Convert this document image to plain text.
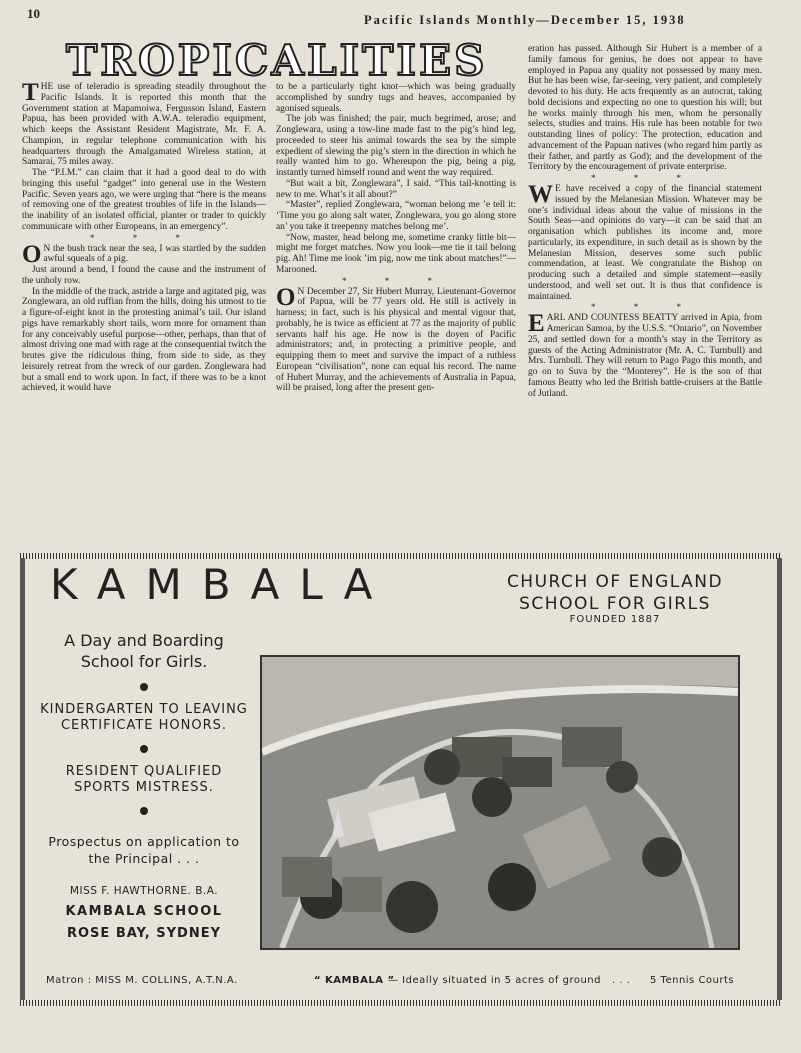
10	Pacific Islands Monthly—December 15, 1938
TROPICALITIES

THE use of teleradio is spreading steadily throughout the Pacific Islands. It is reported this month that the Government station at Mapamoiwa, Fergusson Island, Eastern Papua, has been provided with A.W.A. teleradio equipment, which keeps the Assistant Resident Magistrate, Mr. F. A. Champion, in regular telephone communication with his headquarters through the Amalgamated Wireless station, at Samarai, 75 miles away.

The “P.I.M.” can claim that it had a good deal to do with bringing this useful “gadget” into general use in the Western Pacific. Seven years ago, we were urging that “here is the means of removing one of the greatest troubles of life in the Islands—the inability of an isolated official, planter or trader to quickly communicate with other Europeans, in an emergency”.

* * *

O N the bush track near the sea, I was startled by the sudden awful squeals of a pig.

Just around a bend, I found the cause and the instrument of the unholy row.

In the middle of the track, astride a large and agitated pig, was Zonglewara, an old ruffian from the hills, doing his utmost to tie a figure-of-eight knot in the protesting animal’s tail. Our island pigs have remarkably short tails, worn more for ornament than for any conceivably useful purpose—other, perhaps, than that of almost driving one mad with rage at the consequential twitch the brutes give the ridiculous thing, from side to side, as they leisurely retreat from the wreck of our garden. Zonglewara had but a small end to work upon. In fact, if there was to be a knot achieved, it would have

to be a particularly tight knot—which was being gradually accomplished by sundry tugs and heaves, accompanied by agonised squeals.

The job was finished; the pair, much begrimed, arose; and Zonglewara, using a tow-line made fast to the pig’s hind leg, proceeded to steer his animal towards the sea by the simple expedient of slewing the pig’s stern in the direction in which he really wanted him to go. Whereupon the pig, being a pig, instantly turned himself round and went the way required.

“But wait a bit, Zonglewara”, I said. “This tail-knotting is new to me. What’s it all about?”

“Master”, replied Zonglewara, “woman belong me ’e tell it: ‘Time you go along salt water, Zonglewara, you go along store an’ you take it treepenny matches belong me’.

“Now, master, head belong me, sometime cranky little bit—might me forget matches. Now you look—me tie it tail belong pig. Ah! Time me look ’im pig, now me tink about matches!”—Marooned.

* * *

O N December 27, Sir Hubert Murray, Lieutenant-Governor of Papua, will be 77 years old. He still is actively in harness; in fact, such is his physical and mental vigour that, probably, he is twice as efficient at 77 as the majority of public servants half his age. He now is the doyen of Pacific administrators; and, in protecting a primitive people, and equipping them to meet and survive the impact of a ruthless European “civilisation”, none can equal his record. The name of Hubert Murray, and the achievements of Australia in Papua, will be praised, long after the present gen-

eration has passed. Although Sir Hubert is a member of a family famous for genius, he does not appear to have employed in Papua any quality not possessed by many men. But he has been wise, far-seeing, very patient, and completely devoted to his duty. He acts frequently as an autocrat, taking bold decisions and expecting no one to question his will; but he works mainly through his men, whom he personally selects, studies and trains. His rule has been notable for two outstanding lines of policy: The protection, education and advancement of the Papuan natives (who regard him partly as their father, and partly as God); and the development of the Territory by the encouragement of private enterprise.

* * *

W E have received a copy of the financial statement issued by the Melanesian Mission. Whatever may be one’s individual ideas about the value of missions in the South Seas—and opinions do vary—it can be said that an organisation which publishes its income and, more particularly, its expenditure, in such detail as is shown by the Melanesian Mission, deserves some such public commendation, at least. We congratulate the Bishop on producing such a detailed and simple statement—easily understood, and well set out. It is thus that confidence is maintained.

* * *

EARL AND COUNTESS BEATTY arrived in Apia, from American Samoa, by the U.S.S. “Ontario”, on November 25, and settled down for a month’s stay in the Territory as guests of the Acting Administrator (Mr. A. C. Turnbull) and Mrs. Turnbull. They will return to Pago Pago this month, and go on to Suva by the “Monterey”. He is the son of that famous Beatty who led the British battle-cruisers at the Battle of Jutland.

KAMBALA	CHURCH OF ENGLAND
SCHOOL FOR GIRLS
FOUNDED 1887
A Day and Boarding School for Girls.
KINDERGARTEN TO LEAVING CERTIFICATE HONORS.
RESIDENT QUALIFIED SPORTS MISTRESS.
Prospectus on application to the Principal . . .
MISS F. HAWTHORNE. B.A.
KAMBALA SCHOOL
ROSE BAY, SYDNEY
Matron : MISS M. COLLINS, A.T.N.A.	“ KAMBALA ”
— Ideally situated in 5 acres of ground . . . 5 Tennis Courts
